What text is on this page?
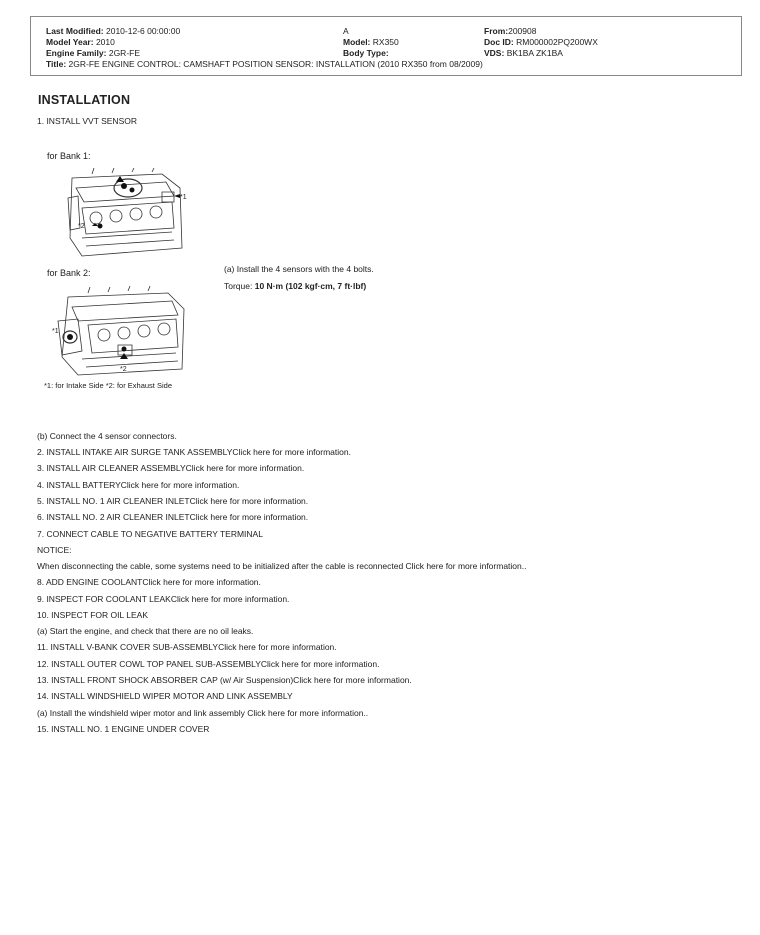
Last Modified: 2010-12-6 00:00:00
Model Year: 2010
Engine Family: 2GR-FE
Title: 2GR-FE ENGINE CONTROL: CAMSHAFT POSITION SENSOR: INSTALLATION (2010 RX350 from 08/2009)
A
Model: RX350
Body Type:
From:200908
Doc ID: RM000002PQ200WX
VDS: BK1BA ZK1BA
INSTALLATION
1. INSTALL VVT SENSOR
for Bank 1:
*1
*2
for Bank 2:
*1
*2
*1: for Intake Side *2: for Exhaust Side
(a) Install the 4 sensors with the 4 bolts.
Torque: 10 N·m (102 kgf·cm, 7 ft·lbf)
(b) Connect the 4 sensor connectors.
2. INSTALL INTAKE AIR SURGE TANK ASSEMBLYClick here for more information.
3. INSTALL AIR CLEANER ASSEMBLYClick here for more information.
4. INSTALL BATTERYClick here for more information.
5. INSTALL NO. 1 AIR CLEANER INLETClick here for more information.
6. INSTALL NO. 2 AIR CLEANER INLETClick here for more information.
7. CONNECT CABLE TO NEGATIVE BATTERY TERMINAL
NOTICE:
When disconnecting the cable, some systems need to be initialized after the cable is reconnected Click here for more information..
8. ADD ENGINE COOLANTClick here for more information.
9. INSPECT FOR COOLANT LEAKClick here for more information.
10. INSPECT FOR OIL LEAK
(a) Start the engine, and check that there are no oil leaks.
11. INSTALL V-BANK COVER SUB-ASSEMBLYClick here for more information.
12. INSTALL OUTER COWL TOP PANEL SUB-ASSEMBLYClick here for more information.
13. INSTALL FRONT SHOCK ABSORBER CAP (w/ Air Suspension)Click here for more information.
14. INSTALL WINDSHIELD WIPER MOTOR AND LINK ASSEMBLY
(a) Install the windshield wiper motor and link assembly Click here for more information..
15. INSTALL NO. 1 ENGINE UNDER COVER
